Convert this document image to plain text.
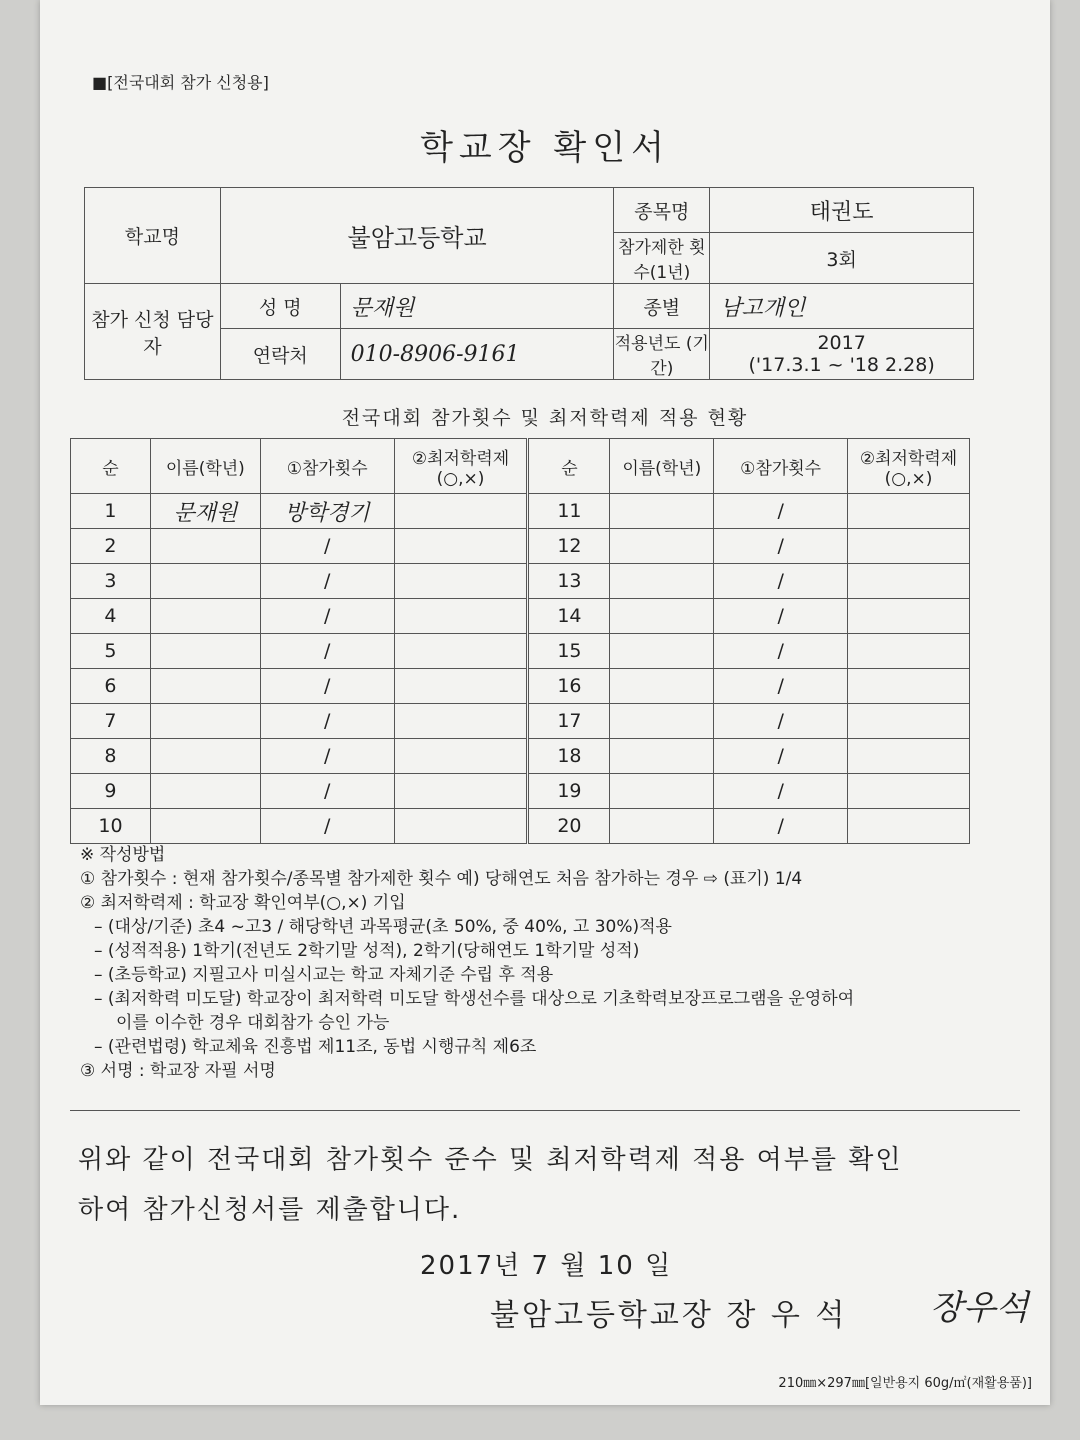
■[전국대회 참가 신청용]
학교장 확인서
학교명	불암고등학교		종목명	태권도
			참가제한 횟수(1년)	3회
참가 신청 담당자	성 명	문재원	종별	남고개인
	연락처	010-8906-9161	적용년도 (기간)	2017
('17.3.1 ~ '18 2.28)
전국대회 참가횟수 및 최저학력제 적용 현황
순	이름(학년)	①참가횟수	②최저학력제 (○,×)	순	이름(학년)	①참가횟수	②최저학력제 (○,×)
1	문재원	방학경기		11		/	
2		/		12		/	
3		/		13		/	
4		/		14		/	
5		/		15		/	
6		/		16		/	
7		/		17		/	
8		/		18		/	
9		/		19		/	
10		/		20		/	
※ 작성방법
① 참가횟수 : 현재 참가횟수/종목별 참가제한 횟수 예) 당해연도 처음 참가하는 경우 ⇨ (표기) 1/4
② 최저학력제 : 학교장 확인여부(○,×) 기입
– (대상/기준) 초4 ~고3 / 해당학년 과목평균(초 50%, 중 40%, 고 30%)적용
– (성적적용) 1학기(전년도 2학기말 성적), 2학기(당해연도 1학기말 성적)
– (초등학교) 지필고사 미실시교는 학교 자체기준 수립 후 적용
– (최저학력 미도달) 학교장이 최저학력 미도달 학생선수를 대상으로 기초학력보장프로그램을 운영하여
이를 이수한 경우 대회참가 승인 가능
– (관련법령) 학교체육 진흥법 제11조, 동법 시행규칙 제6조
③ 서명 : 학교장 자필 서명
위와 같이 전국대회 참가횟수 준수 및 최저학력제 적용 여부를 확인
하여 참가신청서를 제출합니다.
2017년 7 월 10 일
불암고등학교장 장 우 석 장우석
210㎜×297㎜[일반용지 60g/㎡(재활용품)]
